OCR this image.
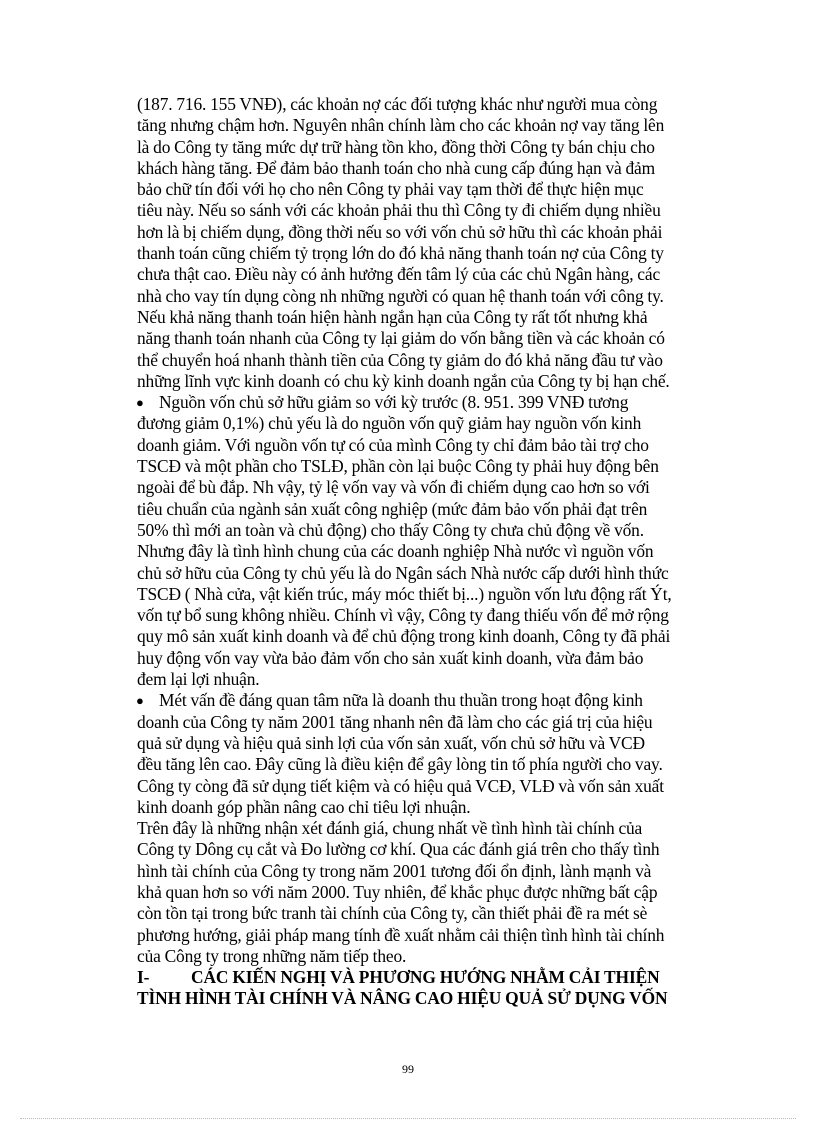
(187. 716. 155 VNĐ), các khoản nợ các đối tượng khác như người mua còng
tăng nhưng chậm hơn. Nguyên nhân chính làm cho các khoản nợ vay tăng lên
là do Công ty tăng mức dự trữ hàng tồn kho, đồng thời Công ty bán chịu cho
khách hàng tăng. Để đảm bảo thanh toán cho nhà cung cấp đúng hạn và đảm
bảo chữ tín đối với họ cho nên Công ty phải vay tạm thời để thực hiện mục
tiêu này. Nếu so sánh với các khoản phải thu thì Công ty đi chiếm dụng nhiều
hơn là bị chiếm dụng, đồng thời nếu so với vốn chủ sở hữu thì các khoản phải
thanh toán cũng chiếm tỷ trọng lớn do đó khả năng thanh toán nợ của Công ty
chưa thật cao. Điều này có ảnh hưởng đến tâm lý của các chủ Ngân hàng, các
nhà cho vay tín dụng còng nh những người có quan hệ thanh toán với công ty.
Nếu khả năng thanh toán hiện hành ngắn hạn của Công ty rất tốt nhưng khả
năng thanh toán nhanh của Công ty lại giảm do vốn bằng tiền và các khoản có
thể chuyển hoá nhanh thành tiền của Công ty giảm do đó khả năng đầu tư vào
những lĩnh vực kinh doanh có chu kỳ kinh doanh ngắn của Công ty bị hạn chế.
● Nguồn vốn chủ sở hữu giảm so với kỳ trước (8. 951. 399 VNĐ tương
đương giảm 0,1%) chủ yếu là do nguồn vốn quỹ giảm hay nguồn vốn kinh
doanh giảm. Với nguồn vốn tự có của mình Công ty chỉ đảm bảo tài trợ cho
TSCĐ và một phần cho TSLĐ, phần còn lại buộc Công ty phải huy động bên
ngoài để bù đắp. Nh vậy, tỷ lệ vốn vay và vốn đi chiếm dụng cao hơn so với
tiêu chuẩn của ngành sản xuất công nghiệp (mức đảm bảo vốn phải đạt trên
50% thì mới an toàn và chủ động) cho thấy Công ty chưa chủ động về vốn.
Nhưng đây là tình hình chung của các doanh nghiệp Nhà nước vì nguồn vốn
chủ sở hữu của Công ty chủ yếu là do Ngân sách Nhà nước cấp dưới hình thức
TSCĐ ( Nhà cửa, vật kiến trúc, máy móc thiết bị...) nguồn vốn lưu động rất Ýt,
vốn tự bổ sung không nhiều. Chính vì vậy, Công ty đang thiếu vốn để mở rộng
quy mô sản xuất kinh doanh và để chủ động trong kinh doanh, Công ty đã phải
huy động vốn vay vừa bảo đảm vốn cho sản xuất kinh doanh, vừa đảm bảo
đem lại lợi nhuận.
● Mét vấn đề đáng quan tâm nữa là doanh thu thuần trong hoạt động kinh
doanh của Công ty năm 2001 tăng nhanh nên đã làm cho các giá trị của hiệu
quả sử dụng và hiệu quả sinh lợi của vốn sản xuất, vốn chủ sở hữu và VCĐ
đều tăng lên cao. Đây cũng là điều kiện để gây lòng tin tố phía người cho vay.
Công ty còng đã sử dụng tiết kiệm và có hiệu quả VCĐ, VLĐ và vốn sản xuất
kinh doanh góp phần nâng cao chỉ tiêu lợi nhuận.
Trên đây là những nhận xét đánh giá, chung nhất về tình hình tài chính của
Công ty Dông cụ cắt và Đo lường cơ khí. Qua các đánh giá trên cho thấy tình
hình tài chính của Công ty trong năm 2001 tương đối ổn định, lành mạnh và
khả quan hơn so với năm 2000. Tuy nhiên, để khắc phục được những bất cập
còn tồn tại trong bức tranh tài chính của Công ty, cần thiết phải đề ra mét sè
phương hướng, giải pháp mang tính đề xuất nhằm cải thiện tình hình tài chính
của Công ty trong những năm tiếp theo.
I- CÁC KIẾN NGHỊ VÀ PHƯƠNG HƯỚNG NHẰM CẢI THIỆN
TÌNH HÌNH TÀI CHÍNH VÀ NÂNG CAO HIỆU QUẢ SỬ DỤNG VỐN
99
